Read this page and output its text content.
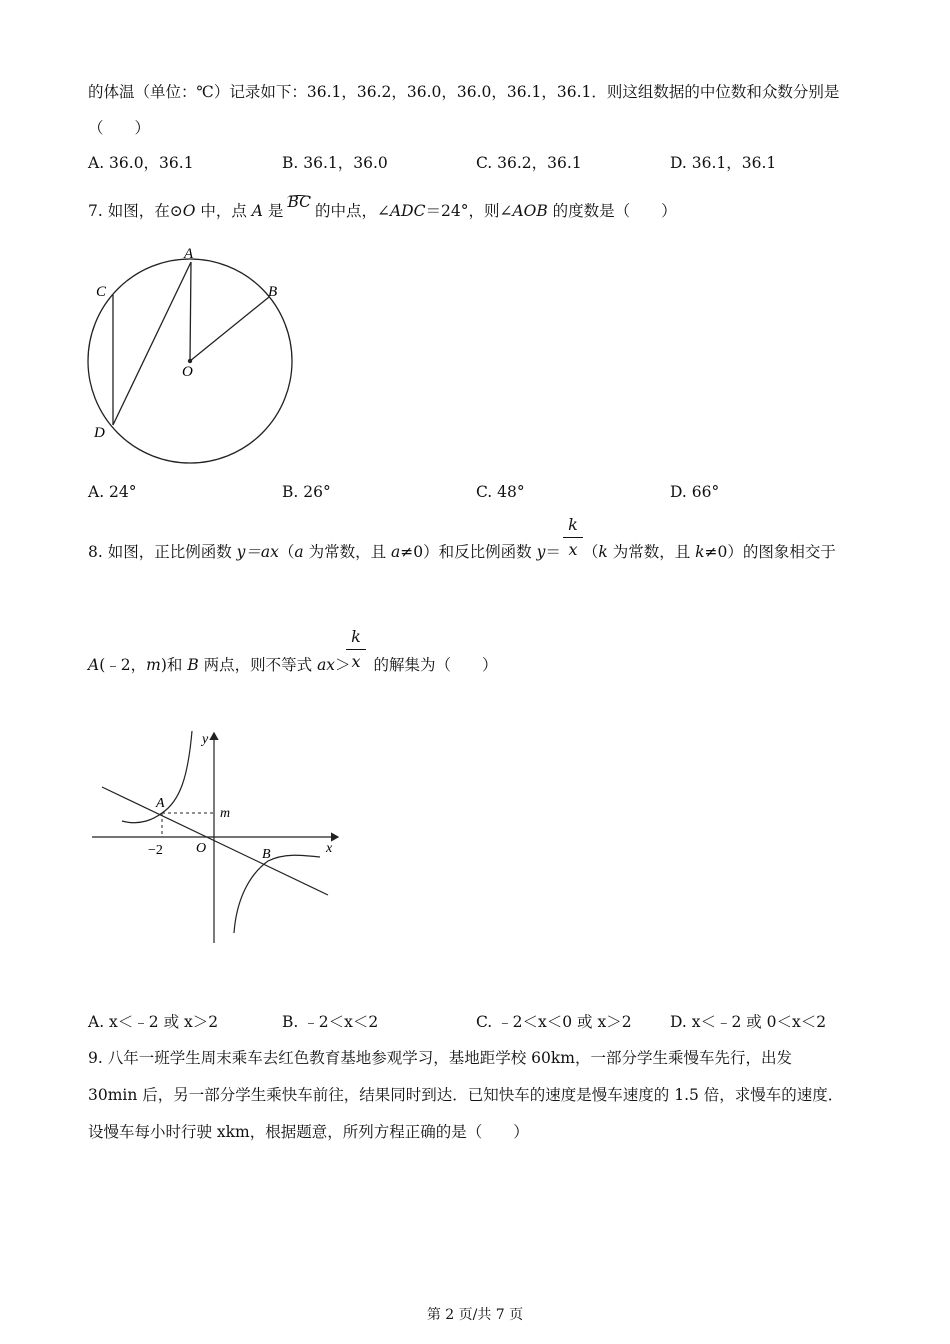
的体温（单位：℃）记录如下：36.1，36.2，36.0，36.0，36.1，36.1．则这组数据的中位数和众数分别是
（　　）
A. 36.0，36.1	B. 36.1，36.0	C. 36.2，36.1	D. 36.1，36.1
7. 如图，在⊙O 中，点 A 是 BC 的中点，∠ADC＝24°，则∠AOB 的度数是（　　）
A
B
C
D
O
A. 24°	B. 26°	C. 48°	D. 66°
8. 如图，正比例函数 y＝ax（a 为常数，且 a≠0）和反比例函数 y＝ （k 为常数，且 k≠0）的图象相交于
$\frac{k}{x}$
A(﹣2，m)和 B 两点，则不等式 ax＞ 的解集为（　　）
$\frac{k}{x}$
y
x
A
B
O
m
−2
A. x＜﹣2 或 x＞2	B. ﹣2＜x＜2	C. ﹣2＜x＜0 或 x＞2 D. x＜﹣2 或 0＜x＜2
9. 八年一班学生周末乘车去红色教育基地参观学习，基地距学校 60km，一部分学生乘慢车先行，出发
30min 后，另一部分学生乘快车前往，结果同时到达．已知快车的速度是慢车速度的 1.5 倍，求慢车的速度．
设慢车每小时行驶 xkm，根据题意，所列方程正确的是（　　）
第 2 页/共 7 页
